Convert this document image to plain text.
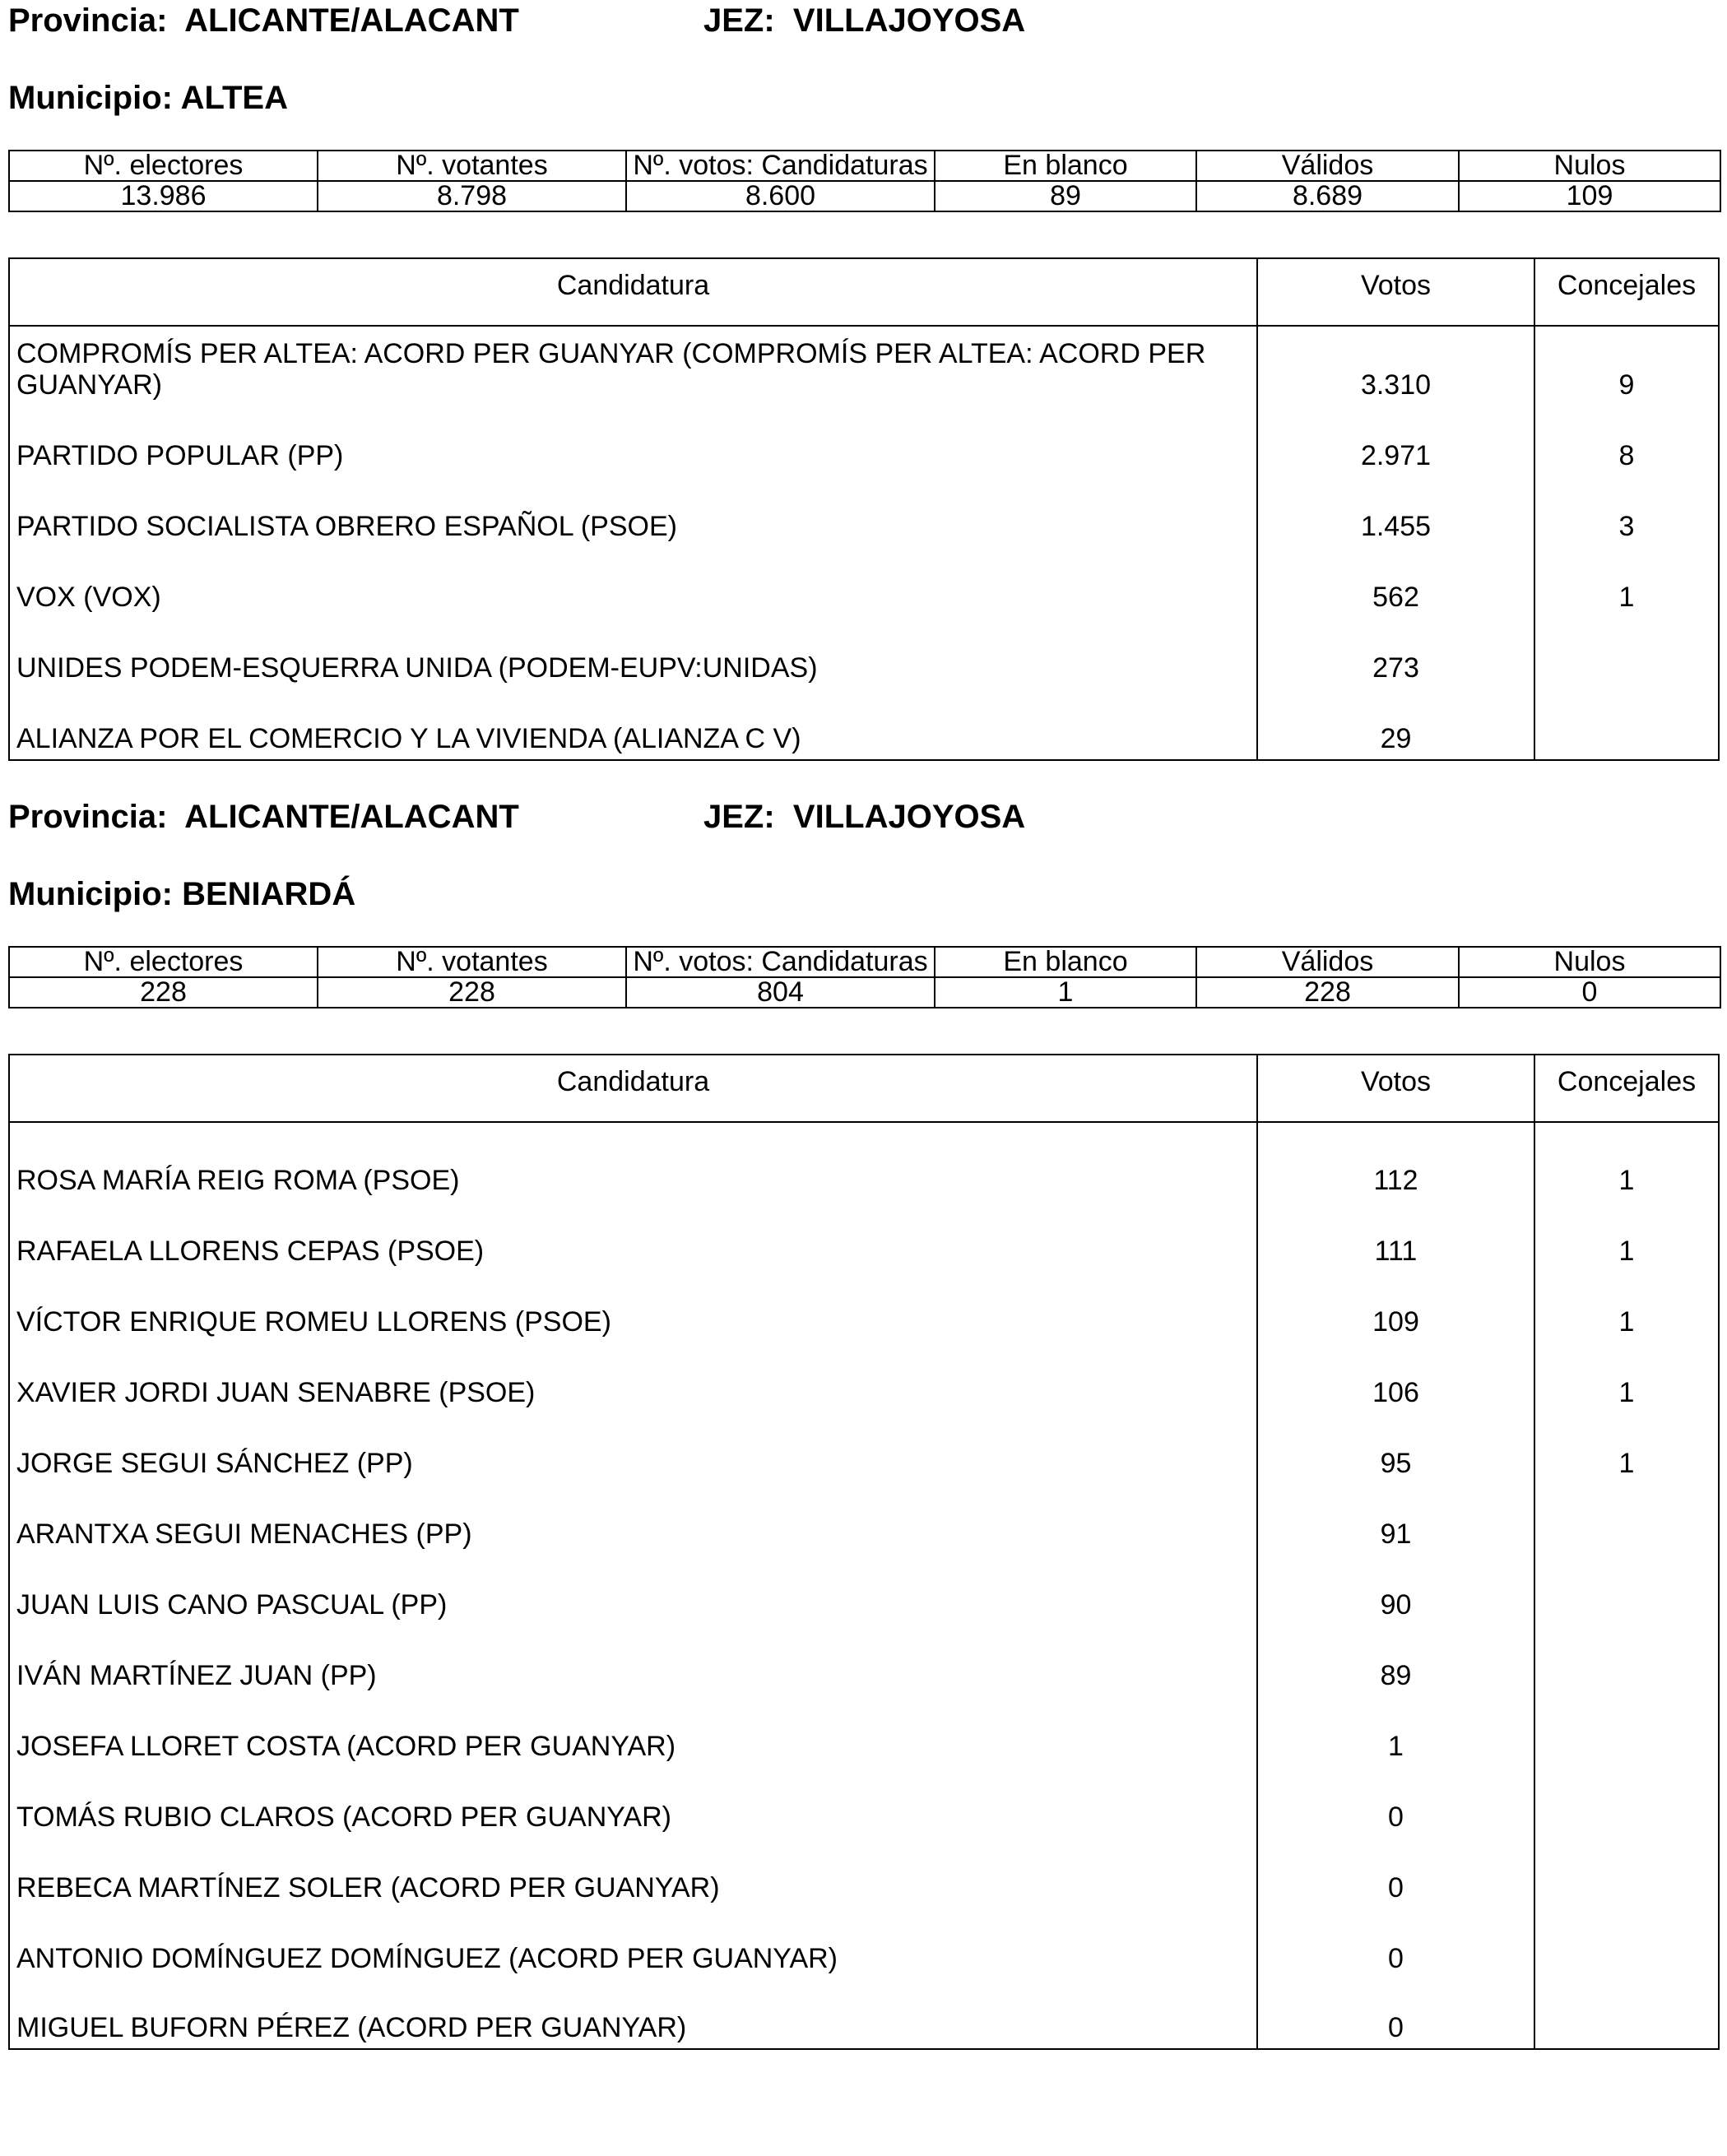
Provincia: ALICANTE/ALACANT	JEZ: VILLAJOYOSA
Municipio: ALTEA
Nº. electores	Nº. votantes	Nº. votos: Candidaturas	En blanco	Válidos	Nulos
13.986	8.798	8.600	89	8.689	109
Candidatura	Votos	Concejales
COMPROMÍS PER ALTEA: ACORD PER GUANYAR (COMPROMÍS PER ALTEA: ACORD PER GUANYAR)	3.310	9
PARTIDO POPULAR (PP)	2.971	8
PARTIDO SOCIALISTA OBRERO ESPAÑOL (PSOE)	1.455	3
VOX (VOX)	562	1
UNIDES PODEM-ESQUERRA UNIDA (PODEM-EUPV:UNIDAS)	273
ALIANZA POR EL COMERCIO Y LA VIVIENDA (ALIANZA C V)	29
Provincia: ALICANTE/ALACANT	JEZ: VILLAJOYOSA
Municipio: BENIARDÁ
Nº. electores	Nº. votantes	Nº. votos: Candidaturas	En blanco	Válidos	Nulos
228	228	804	1	228	0
Candidatura	Votos	Concejales
ROSA MARÍA REIG ROMA (PSOE)	112	1
RAFAELA LLORENS CEPAS (PSOE)	111	1
VÍCTOR ENRIQUE ROMEU LLORENS (PSOE)	109	1
XAVIER JORDI JUAN SENABRE (PSOE)	106	1
JORGE SEGUI SÁNCHEZ (PP)	95	1
ARANTXA SEGUI MENACHES (PP)	91
JUAN LUIS CANO PASCUAL (PP)	90
IVÁN MARTÍNEZ JUAN (PP)	89
JOSEFA LLORET COSTA (ACORD PER GUANYAR)	1
TOMÁS RUBIO CLAROS (ACORD PER GUANYAR)	0
REBECA MARTÍNEZ SOLER (ACORD PER GUANYAR)	0
ANTONIO DOMÍNGUEZ DOMÍNGUEZ (ACORD PER GUANYAR)	0
MIGUEL BUFORN PÉREZ (ACORD PER GUANYAR)	0
